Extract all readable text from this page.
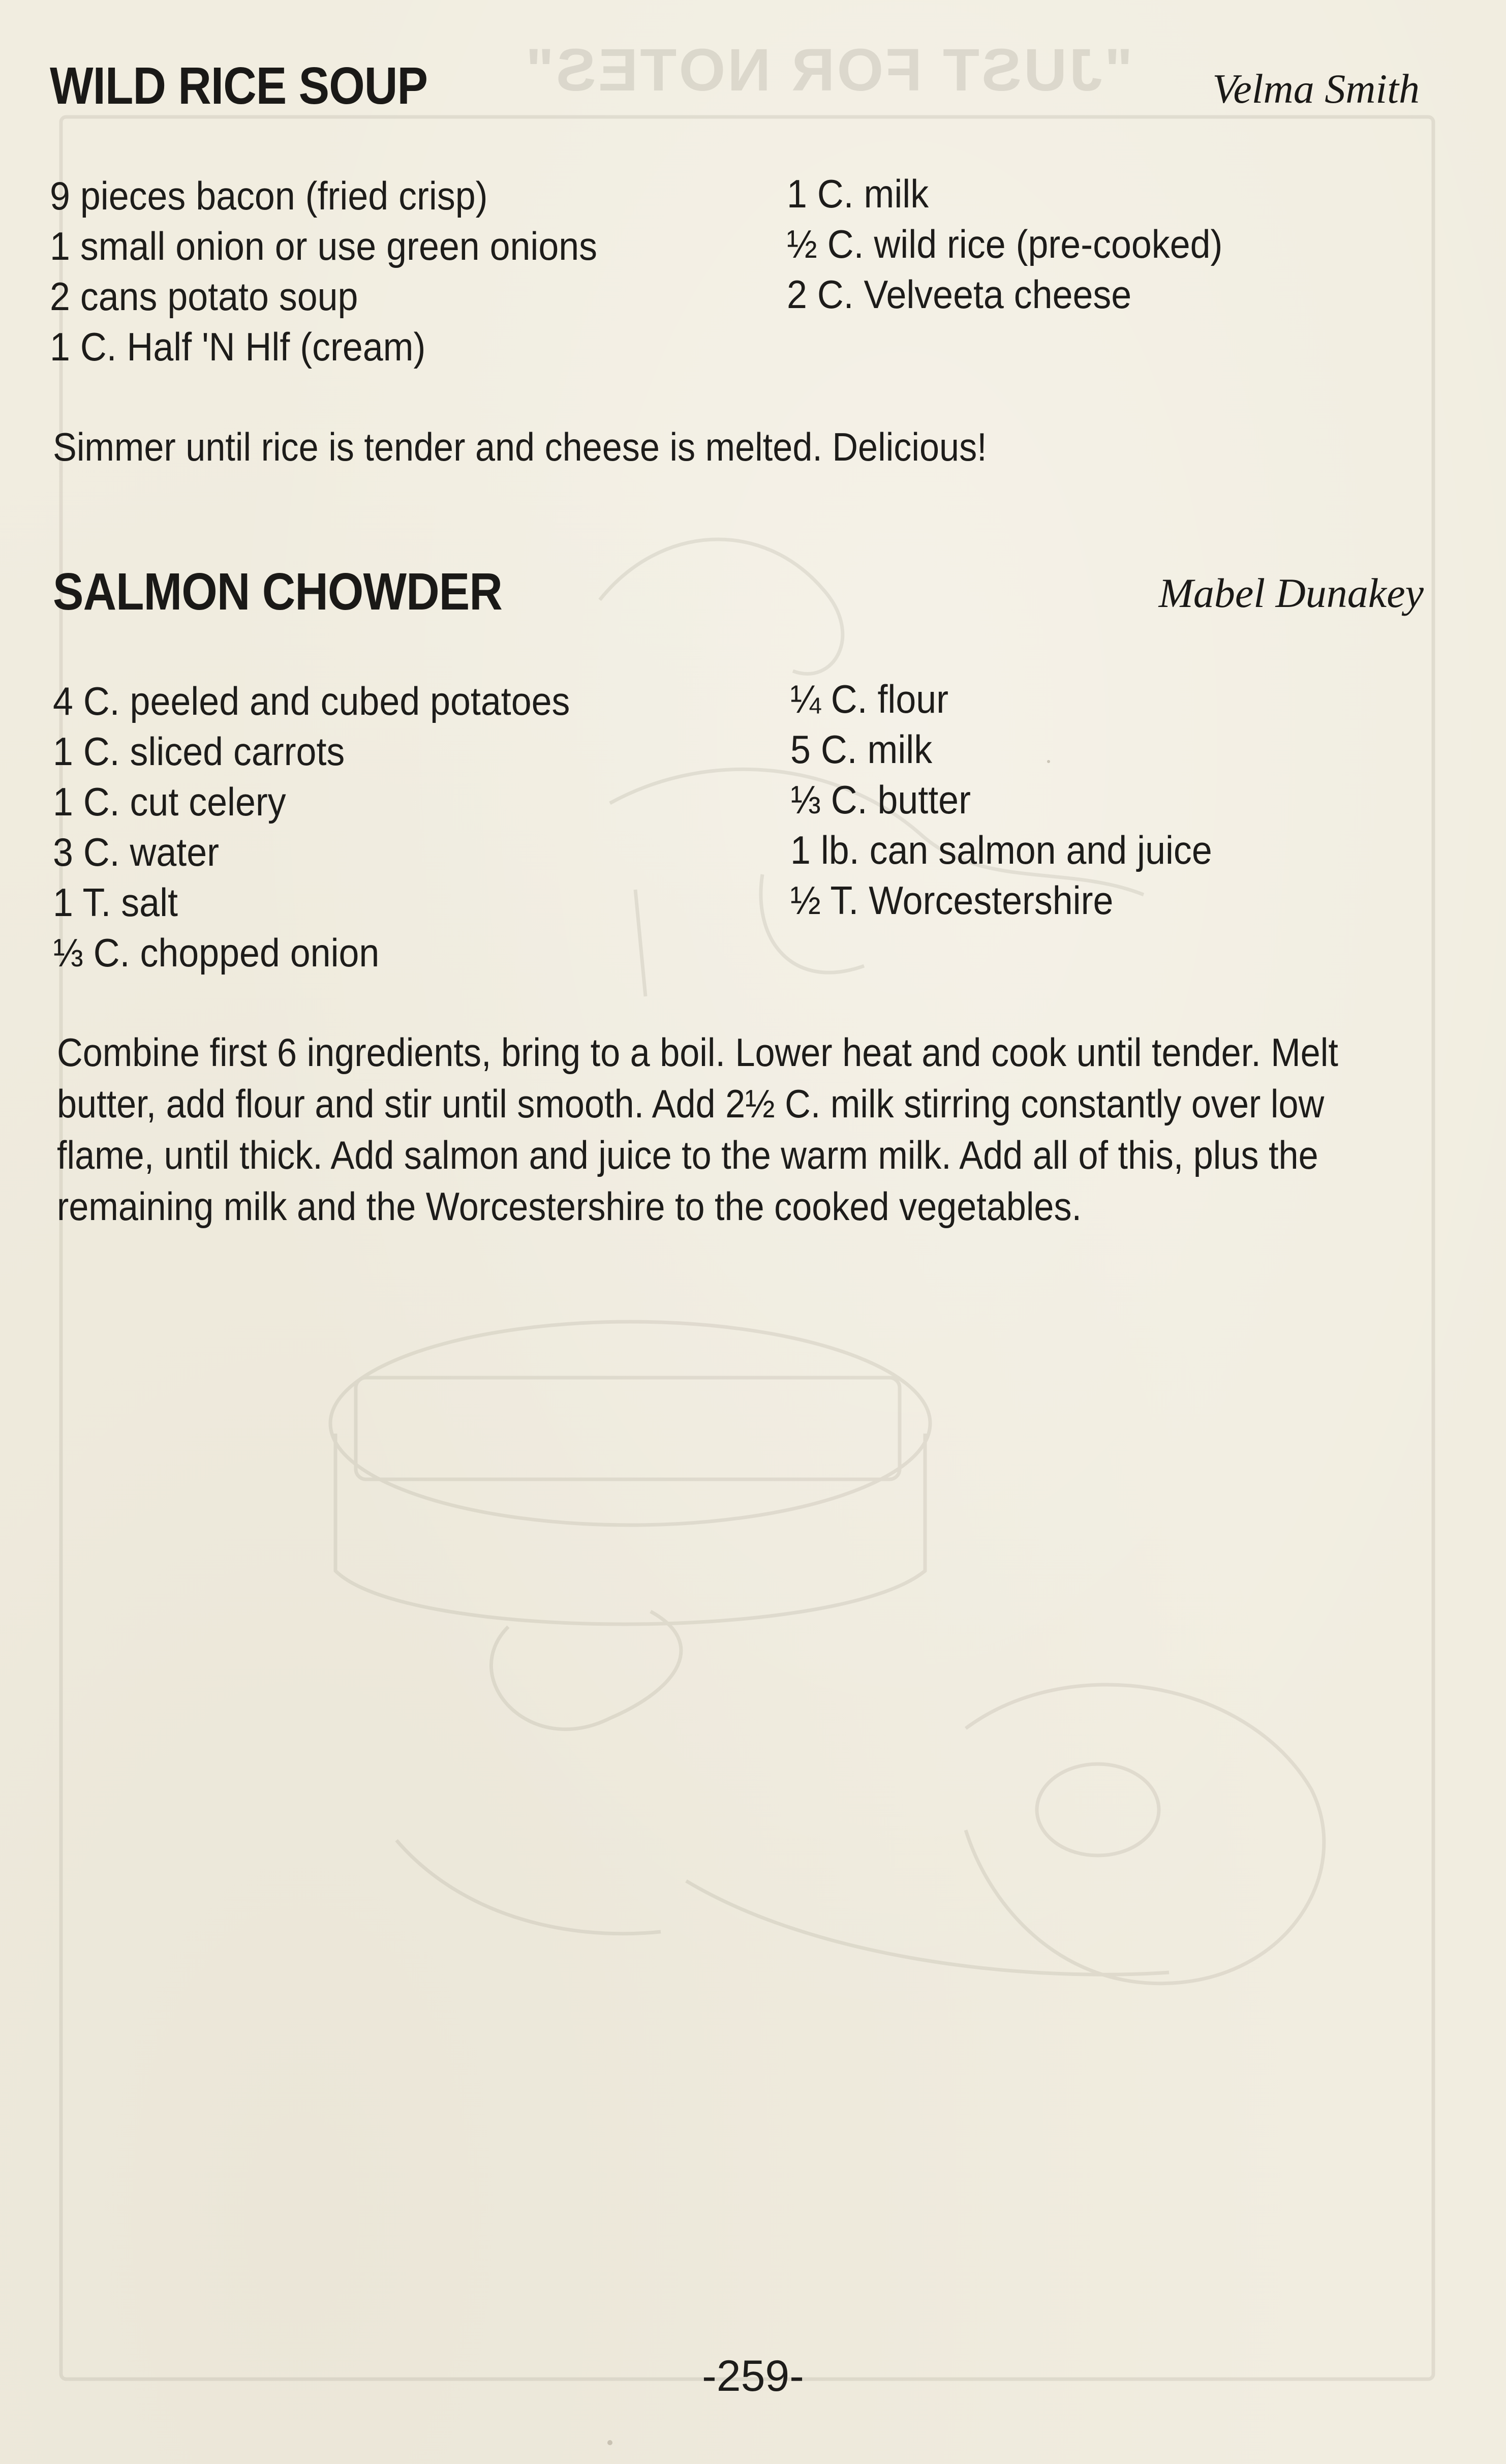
"JUST FOR NOTES"
WILD RICE SOUP	Velma Smith
9 pieces bacon (fried crisp)
1 small onion or use green onions
2 cans potato soup
1 C. Half 'N Hlf (cream)
1 C. milk
½ C. wild rice (pre-cooked)
2 C. Velveeta cheese
Simmer until rice is tender and cheese is melted. Delicious!
SALMON CHOWDER	Mabel Dunakey
4 C. peeled and cubed potatoes
1 C. sliced carrots
1 C. cut celery
3 C. water
1 T. salt
⅓ C. chopped onion
¼ C. flour
5 C. milk
⅓ C. butter
1 lb. can salmon and juice
½ T. Worcestershire
Combine first 6 ingredients, bring to a boil. Lower heat and cook until tender. Melt
butter, add flour and stir until smooth. Add 2½ C. milk stirring constantly over low
flame, until thick. Add salmon and juice to the warm milk. Add all of this, plus the
remaining milk and the Worcestershire to the cooked vegetables.
-259-
